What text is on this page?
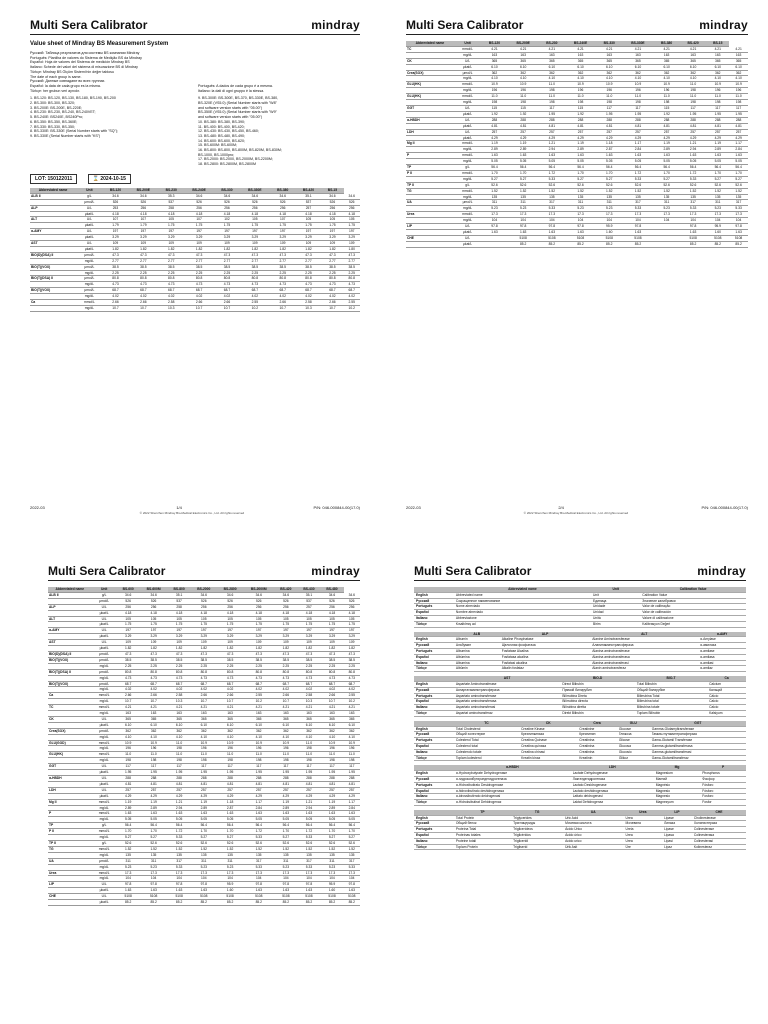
Multi Sera Calibrator	mindray
Value sheet of Mindray BS Measurement System
Русский: Таблица результатов для системы BS компании Mindray
Português: Planilha de valores do Sistema de Medição BS da Mindray
Español: Hoja de valores del Sistema de medición Mindray BS
Italiano: Schede dei valori del sistema di misurazione BS di Mindray
Türkçe: Mindray BS Ölçüm Sistemi'nin değer tablosu
The date of each group is same.
Русский: Данные совпадают во всех группах.
Español: la data de cada grupo es la misma.
Türkçe: her grubun veri aynıdır.
Português: A dados de cada grupo é a mesma.
Italiano: la dati di ogni gruppo è la stessa.
1. BS-120: BS-120, BS-130, BS-180, BS-190, BS-200
2. BS-300: BS-300, BS-320;
3. BS-200E: BS-200E, BS-220E;
4. BS-230: BS-230, BS-240, BS-240VET;
5. BS-240E: BS240E, BS240Pro;
6. BS-350: BS-350, BS-360E;
7. BS-330: BS-330, BS-350;
8. BS-330E: BS-330E (Serial Number starts with "SQ");
9. BS-330E (Serial Number starts with "KS")
9. BS-300E: BS-300E, BS-370, BS-330E, BS-380,
BS-320E (VS5.0) (Serial Number starts with "W8"
and software version starts with "05.00")
BS-350E (VS5.0) (Serial Number starts with "W9"
and software version starts with "05.00")
10. BS-380: BS-380, BS-390;
11. BS-400: BS-400, BS-420;
12. BS-430: BS-430, BS-450, BS-460;
13. BS-480: BS-480, BS-490;
14. BS-600: BS-600, BS-620;
15. BS-600M: BS-600M;
16. BS-800: BS-800, BS-800M, BS-820M, BS-830M;
BS-1000, BS-1000pro;
17. BS-2000: BS-2000, BS-2000M, BS-2200M;
18. BS-2800: BS-2800M, BS-2800M
LOT: 150122011	⌛ 2024-10-15
Abbreviated name	Unit	BS-120	BS-200E	BS-230	BS-240E	BS-330	BS-330E	BS-380	BS-420	BS-15	
ALB II	g/L	34.6	34.6	35.3	34.6	34.6	34.6	34.6	35.1	34.6	34.6
	μmol/L	526	526	537	526	526	526	526	537	526	526
ALP	U/L	253	256	258	256	256	256	256	257	256	256
	μkat/L	4.18	4.18	4.18	4.18	4.18	4.18	4.18	4.18	4.18	4.18
ALT	U/L	107	107	105	107	102	105	107	105	105	105
	μkat/L	1.79	1.79	1.75	1.75	1.75	1.75	1.75	1.75	1.75	1.75
α-AMY	U/L	197	197	197	197	197	197	197	197	197	197
	μkat/L	3.29	3.29	3.29	3.29	3.29	3.29	3.29	3.29	3.29	3.29
AST	U/L	109	109	109	109	109	109	109	109	109	109
	μkat/L	1.82	1.82	1.82	1.82	1.82	1.82	1.82	1.82	1.82	1.80
BIO(D)(DSA) II	μmol/L	47.3	47.3	47.3	47.3	47.3	47.3	47.3	47.3	47.3	47.3
	mg/dL	2.77	2.77	2.77	2.77	2.77	2.77	2.77	2.77	2.77	2.77
BIO(T)(VOX)	μmol/L	38.5	38.5	38.5	38.5	38.5	38.5	38.5	38.5	38.5	38.5
	mg/dL	2.25	2.25	2.25	2.25	2.25	2.25	2.25	2.25	2.25	2.25
BIO(T)(DSA) II	μmol/L	80.8	80.8	80.8	80.8	80.8	80.8	80.8	80.8	80.8	80.8
	mg/dL	4.73	4.73	4.73	4.73	4.73	4.73	4.73	4.73	4.73	4.73
BIO(T)(VOX)	μmol/L	68.7	68.7	68.7	68.7	68.7	68.7	68.7	68.7	68.7	68.7
	mg/dL	4.02	4.02	4.02	4.02	4.02	4.02	4.02	4.02	4.02	4.02
Ca	mmol/L	2.66	2.66	2.58	2.66	2.66	2.55	2.66	2.58	2.66	2.55
	mg/dL	10.7	10.7	10.3	10.7	10.7	10.2	10.7	10.3	10.7	10.2
2022-03	1/4	P/N: 046-000844-00(17.0)
© 2022 Shenzhen Mindray Bio-Medical Electronics Co., Ltd. All rights reserved
Multi Sera Calibrator	mindray
Abbreviated name	Unit	BS-120	BS-200E	BS-230	BS-240E	BS-330	BS-330E	BS-380	BS-420	BS-15	
TC	mmol/L	4.21	4.21	4.21	4.21	4.21	4.21	4.21	4.21	4.21	4.21
	mg/dL	163	163	163	163	163	163	163	163	163	163
CK	U/L	365	365	365	365	365	365	365	365	365	365
	μkat/L	6.10	6.10	6.10	6.10	6.10	6.10	6.10	6.10	6.10	6.10
Crea(SOX)	μmol/L	362	362	362	362	362	362	362	362	362	362
	mg/dL	4.10	4.10	4.10	4.10	4.10	4.10	4.10	4.10	4.10	4.10
GLU(HK)	mmol/L	10.9	10.9	11.0	10.9	10.9	10.9	10.9	11.0	10.9	10.9
	mg/dL	196	196	198	196	196	196	196	198	196	196
GLU(HK)	mmol/L	11.0	11.0	11.0	11.0	11.0	11.0	11.0	11.0	11.0	11.0
	mg/dL	198	198	198	198	198	198	198	198	198	198
GGT	U/L	115	115	117	115	117	117	115	117	117	117
	μkat/L	1.92	1.92	1.95	1.92	1.95	1.95	1.92	1.95	1.95	1.95
α-HBDH	U/L	288	288	288	288	288	288	288	288	288	288
	μkat/L	4.81	4.81	4.81	4.81	4.81	4.81	4.81	4.81	4.81	4.81
LDH	U/L	257	257	257	257	257	257	257	257	257	257
	μkat/L	4.29	4.29	4.29	4.29	4.29	4.29	4.29	4.29	4.29	4.29
Mg II	mmol/L	1.19	1.19	1.21	1.19	1.18	1.17	1.19	1.21	1.19	1.17
	mg/dL	2.89	2.89	2.94	2.89	2.87	2.84	2.89	2.94	2.89	2.84
P	mmol/L	1.63	1.63	1.63	1.63	1.63	1.63	1.63	1.63	1.63	1.63
	mg/dL	5.05	5.05	5.05	5.05	5.05	5.05	5.05	5.05	5.05	5.05
TP	g/L	56.4	56.4	56.4	56.4	56.4	56.4	56.4	56.4	56.4	56.4
P II	mmol/L	1.70	1.70	1.72	1.70	1.70	1.72	1.70	1.72	1.70	1.70
	mg/dL	5.27	5.27	5.33	5.27	5.27	5.33	5.27	5.33	5.27	5.27
TP II	g/L	52.6	52.6	52.6	52.6	52.6	52.6	52.6	52.6	52.6	52.6
TG	mmol/L	1.52	1.52	1.52	1.52	1.52	1.52	1.52	1.52	1.52	1.52
	mg/dL	135	135	135	135	135	135	135	135	135	135
UA	μmol/L	311	311	317	311	311	317	311	317	311	317
	mg/dL	5.23	5.23	5.33	5.23	5.23	5.33	5.23	5.33	5.23	5.33
Urea	mmol/L	17.3	17.3	17.3	17.3	17.3	17.3	17.3	17.3	17.3	17.3
	mg/dL	104	104	104	104	104	104	104	104	104	104
LIP	U/L	97.8	97.8	97.8	97.8	95.9	97.8		97.8	95.9	97.8
	μkat/L	1.63	1.63	1.63	1.63	1.60	1.63		1.63	1.60	1.63
CHE	U/L		5108	5108	5108	5108	5108		5108	5108	5108
	μkat/L		85.2	85.2	85.2	85.2	85.2		85.2	85.2	85.2
2022-03	2/4	P/N: 046-000844-00(17.0)
© 2022 Shenzhen Mindray Bio-Medical Electronics Co., Ltd. All rights reserved
Multi Sera Calibrator	mindray
Abbreviated name	Unit	BS-600	BS-600M	BS-800	BS-2000	BS-2800	BS-2000M	BS-420	BS-430	BS-480	
ALB II	g/L	34.6	34.6	35.1	34.6	34.6	34.6	34.6	35.1	34.6	34.6
	μmol/L	526	526	537	526	526	526	526	537	526	526
ALP	U/L	256	256	258	256	256	256	256	257	256	256
	μkat/L	4.18	4.18	4.18	4.18	4.18	4.18	4.18	4.18	4.18	4.18
ALT	U/L	105	105	105	105	105	105	105	105	105	105
	μkat/L	1.75	1.75	1.75	1.75	1.75	1.75	1.75	1.75	1.75	1.75
α-AMY	U/L	197	197	197	197	197	197	197	197	197	197
	μkat/L	3.29	3.29	3.29	3.29	3.29	3.29	3.29	3.29	3.29	3.29
AST	U/L	109	109	109	109	109	109	109	109	109	109
	μkat/L	1.82	1.82	1.82	1.82	1.82	1.82	1.82	1.82	1.82	1.82
BIO(D)(DSA) II	μmol/L	47.3	47.3	47.3	47.3	47.3	47.3	47.3	47.3	47.3	47.3
BIO(T)(VOX)	μmol/L	38.5	38.5	38.5	38.5	38.5	38.5	38.5	38.5	38.5	38.5
	mg/dL	2.25	2.25	2.25	2.25	2.25	2.25	2.25	2.25	2.25	2.25
BIO(T)(DSA) II	μmol/L	80.8	80.8	80.8	80.8	80.8	80.8	80.8	80.8	80.8	80.8
	mg/dL	4.73	4.73	4.73	4.73	4.73	4.73	4.73	4.73	4.73	4.73
BIO(T)(VOX)	μmol/L	68.7	68.7	68.7	68.7	68.7	68.7	68.7	68.7	68.7	68.7
	mg/dL	4.02	4.02	4.02	4.02	4.02	4.02	4.02	4.02	4.02	4.02
Ca	mmol/L	2.66	2.66	2.58	2.66	2.66	2.55	2.66	2.58	2.66	2.55
	mg/dL	10.7	10.7	10.3	10.7	10.7	10.2	10.7	10.3	10.7	10.2
TC	mmol/L	4.21	4.21	4.21	4.21	4.21	4.21	4.21	4.21	4.21	4.21
	mg/dL	163	163	163	163	163	163	163	163	163	163
CK	U/L	365	365	365	365	365	365	365	365	365	365
	μkat/L	6.10	6.10	6.10	6.10	6.10	6.10	6.10	6.10	6.10	6.10
Crea(SOX)	μmol/L	362	362	362	362	362	362	362	362	362	362
	mg/dL	4.10	4.10	4.10	4.10	4.10	4.10	4.10	4.10	4.10	4.10
GLU(GOD)	mmol/L	10.9	10.9	11.0	10.9	10.9	10.9	10.9	11.0	10.9	10.9
	mg/dL	196	196	198	196	196	196	196	198	196	196
GLU(HK)	mmol/L	11.0	11.0	11.0	11.0	11.0	11.0	11.0	11.0	11.0	11.0
	mg/dL	198	198	198	198	198	198	198	198	198	198
GGT	U/L	117	117	117	117	117	117	117	117	117	117
	μkat/L	1.95	1.95	1.95	1.95	1.95	1.95	1.95	1.95	1.95	1.95
α-HBDH	U/L	288	288	288	288	288	288	288	288	288	288
	μkat/L	4.81	4.81	4.81	4.81	4.81	4.81	4.81	4.81	4.81	4.81
LDH	U/L	257	257	257	257	257	257	257	257	257	257
	μkat/L	4.29	4.29	4.29	4.29	4.29	4.29	4.29	4.29	4.29	4.29
Mg II	mmol/L	1.19	1.19	1.21	1.19	1.18	1.17	1.19	1.21	1.19	1.17
	mg/dL	2.89	2.89	2.94	2.89	2.87	2.84	2.89	2.94	2.89	2.84
P	mmol/L	1.63	1.63	1.63	1.63	1.63	1.63	1.63	1.63	1.63	1.63
	mg/dL	5.05	5.05	5.05	5.05	5.05	5.05	5.05	5.05	5.05	5.05
TP	g/L	56.4	56.4	56.4	56.4	56.4	56.4	56.4	56.4	56.4	56.4
P II	mmol/L	1.70	1.70	1.72	1.70	1.70	1.72	1.70	1.72	1.70	1.70
	mg/dL	5.27	5.27	5.33	5.27	5.27	5.33	5.27	5.33	5.27	5.27
TP II	g/L	52.6	52.6	52.6	52.6	52.6	52.6	52.6	52.6	52.6	52.6
TG	mmol/L	1.52	1.52	1.52	1.52	1.52	1.52	1.52	1.52	1.52	1.52
	mg/dL	135	135	135	135	135	135	135	135	135	135
UA	μmol/L	311	311	317	311	311	317	311	317	311	317
	mg/dL	5.23	5.23	5.33	5.23	5.23	5.33	5.23	5.33	5.23	5.33
Urea	mmol/L	17.3	17.3	17.3	17.3	17.3	17.3	17.3	17.3	17.3	17.3
	mg/dL	104	104	104	104	104	104	104	104	104	104
LIP	U/L	97.8	97.8	97.8	97.8	95.9	97.8	97.8	97.8	95.9	97.8
	μkat/L	1.63	1.63	1.63	1.63	1.60	1.63	1.63	1.63	1.60	1.63
CHE	U/L	5108	5108	5108	5108	5108	5108	5108	5108	5108	5108
	μkat/L	85.2	85.2	85.2	85.2	85.2	85.2	85.2	85.2	85.2	85.2
Multi Sera Calibrator	mindray
	Abbreviated name	Unit	Calibration Value
English	Abbreviated name	Unit	Calibration Value
Русский	Сокращенное наименование	Единица	Значение калибровки
Português	Nome abreviado	Unidade	Valor de calibração
Español	Nombre abreviado	Unidad	Valor de calibración
Italiano	Abbreviazione	Unità	Valore di calibrazione
Türkçe	Kısaltılmış ad	Birim	Kalibrasyon Değeri
	ALB	ALP	ALT	α-AMY
English	Albumin	Alkaline Phosphatase	Alanine Aminotransferase	α-Amylase
Русский	Альбумин	Щелочная фосфатаза	Аланинаминотрансфераза	α-амилаза
Português	Albumina	Fosfatase Alcalina	Alanina aminotransferase	α-amilase
Español	Albúmina	Fosfatasa alcalina	Alanina aminotransferasa	α-amilasa
Italiano	Albumina	Fosfatasi alcalina	Alanina aminotransferasi	α-amilasi
Türkçe	Albümin	Alkalin fosfataz	Alanin aminotransferaz	α-amilaz
	AST	BIO-D	BIO-T	Ca
English	Aspartate Aminotransferase	Direct Bilirubin	Total Bilirubin	Calcium
Русский	Аспартатаминотрансфераза	Прямой билирубин	Общий билирубин	Кальций
Português	Aspartato aminotransferase	Bilirrubina Direta	Bilirrubina Total	Cálcio
Español	Aspartato aminotransferasa	Bilirrubina directa	Bilirrubina total	Calcio
Italiano	Aspartato aminotransferasi	Bilirubina diretta	Bilirubina totale	Calcio
Türkçe	Aspartat aminotransferaz	Direkt Bilirubin	Toplam Bilirubin	Kalsiyum
	TC	CK	Crea	GLU	GGT
English	Total Cholesterol	Creatine Kinase	Creatinine	Glucose	Gamma-Glutamyltransferase
Русский	Общий холестерин	Креатинкиназа	Креатинин	Глюкоза	Гамма-глутамилтрансфераза
Português	Colesterol Total	Creatina Quinase	Creatinina	Glicose	Gama-Glutamil Transferase
Español	Colesterol total	Creatina quinasa	Creatinina	Glucosa	Gamma-glutamiltransferasa
Italiano	Colesterolo totale	Creatina chinasi	Creatinina	Glucosio	Gamma-glutamiltransferasi
Türkçe	Toplam kolesterol	Kreatin kinaz	Kreatinin	Glikoz	Gama-Glutamiltransferaz
	α-HBDH	LDH	Mg	P
English	α-Hydroxybutyrate Dehydrogenase	Lactate Dehydrogenase	Magnesium	Phosphorus
Русский	α-гидроксибутиратдегидрогеназа	Лактатдегидрогеназа	Магний	Фосфор
Português	α-Hidroxibutirato Desidrogenase	Lactato Desidrogenase	Magnésio	Fósforo
Español	α-hidroxibutirato deshidrogenasa	Lactato deshidrogenasa	Magnesio	Fósforo
Italiano	α-idrossibutirrato deidrogenasi	Lattato deidrogenasi	Magnesio	Fosforo
Türkçe	α-Hidroksibutirat Dehidrogenaz	Laktat Dehidrogenaz	Magnezyum	Fosfor
	TP	TG	UA	Urea	LIP	CHE
English	Total Protein	Triglycerides	Uric Acid	Urea	Lipase	Cholinesterase
Русский	Общий белок	Триглицериды	Мочевая кислота	Мочевина	Липаза	Холинэстераза
Português	Proteína Total	Triglicerídeos	Ácido Úrico	Ureia	Lipase	Colinesterase
Español	Proteínas totales	Triglicéridos	Ácido úrico	Urea	Lipasa	Colinesterasa
Italiano	Proteine totali	Trigliceridi	Acido urico	Urea	Lipasi	Colinesterasi
Türkçe	Toplam Protein	Trigliserid	Ürik Asit	Üre	Lipaz	Kolinesteraz
